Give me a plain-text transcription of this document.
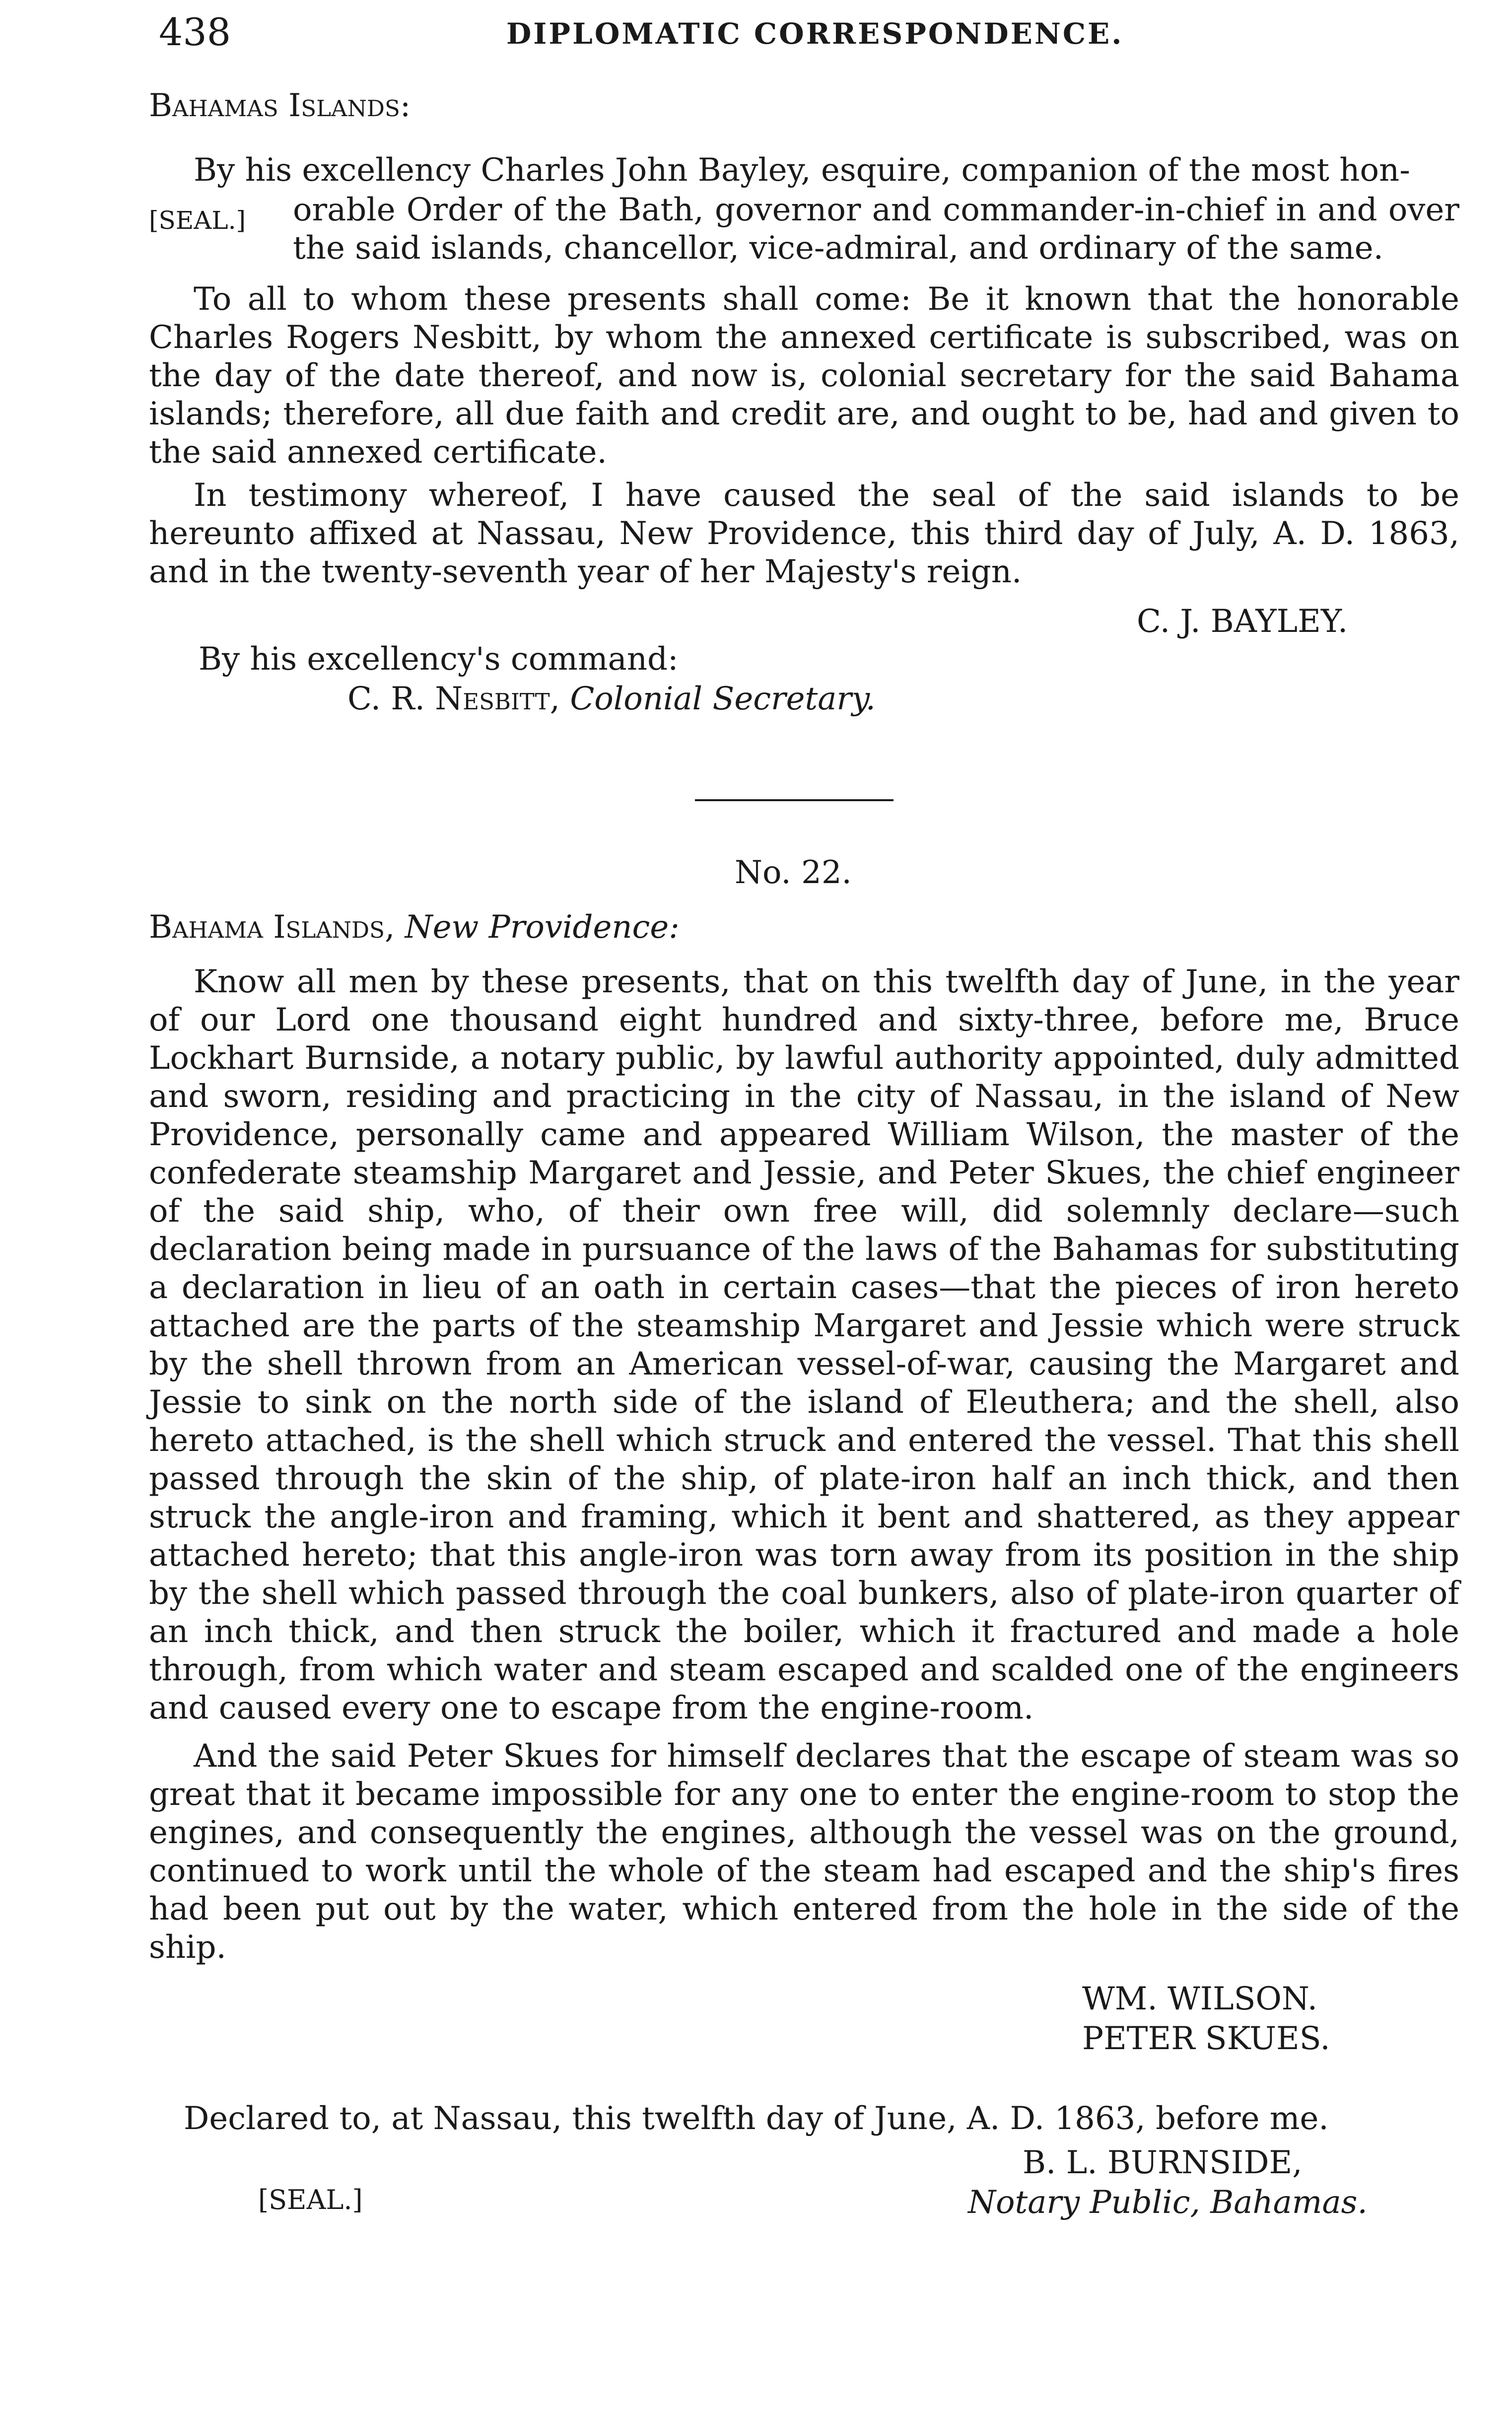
438	DIPLOMATIC CORRESPONDENCE.
Bahamas Islands:
By his excellency Charles John Bayley, esquire, companion of the most hon-
[SEAL.] orable Order of the Bath, governor and commander-in-chief in and over the said islands, chancellor, vice-admiral, and ordinary of the same.
To all to whom these presents shall come: Be it known that the honorable Charles Rogers Nesbitt, by whom the annexed certificate is subscribed, was on the day of the date thereof, and now is, colonial secretary for the said Bahama islands; therefore, all due faith and credit are, and ought to be, had and given to the said annexed certificate.
In testimony whereof, I have caused the seal of the said islands to be hereunto affixed at Nassau, New Providence, this third day of July, A. D. 1863, and in the twenty-seventh year of her Majesty's reign.
C. J. BAYLEY.
By his excellency's command:
C. R. Nesbitt, Colonial Secretary.
No. 22.
Bahama Islands, New Providence:
Know all men by these presents, that on this twelfth day of June, in the year of our Lord one thousand eight hundred and sixty-three, before me, Bruce Lockhart Burnside, a notary public, by lawful authority appointed, duly admitted and sworn, residing and practicing in the city of Nassau, in the island of New Providence, personally came and appeared William Wilson, the master of the confederate steamship Margaret and Jessie, and Peter Skues, the chief engineer of the said ship, who, of their own free will, did solemnly declare—such declaration being made in pursuance of the laws of the Bahamas for substituting a declaration in lieu of an oath in certain cases—that the pieces of iron hereto attached are the parts of the steamship Margaret and Jessie which were struck by the shell thrown from an American vessel-of-war, causing the Margaret and Jessie to sink on the north side of the island of Eleuthera; and the shell, also hereto attached, is the shell which struck and entered the vessel. That this shell passed through the skin of the ship, of plate-iron half an inch thick, and then struck the angle-iron and framing, which it bent and shattered, as they appear attached hereto; that this angle-iron was torn away from its position in the ship by the shell which passed through the coal bunkers, also of plate-iron quarter of an inch thick, and then struck the boiler, which it fractured and made a hole through, from which water and steam escaped and scalded one of the engineers and caused every one to escape from the engine-room.
And the said Peter Skues for himself declares that the escape of steam was so great that it became impossible for any one to enter the engine-room to stop the engines, and consequently the engines, although the vessel was on the ground, continued to work until the whole of the steam had escaped and the ship's fires had been put out by the water, which entered from the hole in the side of the ship.
WM. WILSON.
PETER SKUES.
Declared to, at Nassau, this twelfth day of June, A. D. 1863, before me.
[SEAL.]
B. L. BURNSIDE,
Notary Public, Bahamas.
